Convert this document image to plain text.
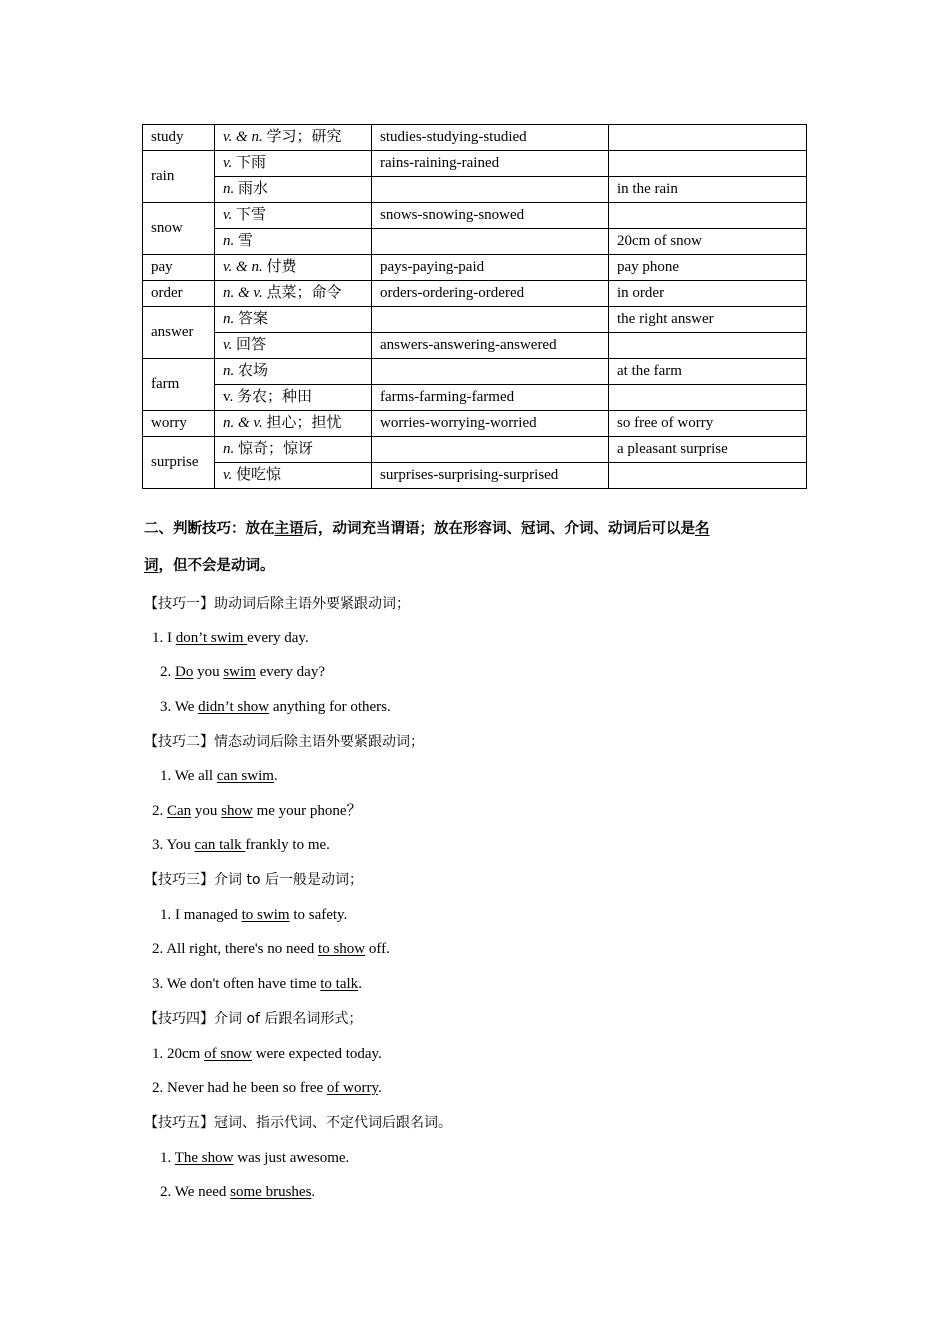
study	v. & n. 学习；研究	studies-studying-studied	
rain	v. 下雨	rains-raining-rained	
	n. 雨水		in the rain
snow	v. 下雪	snows-snowing-snowed	
	n. 雪		20cm of snow
pay	v. & n. 付费	pays-paying-paid	pay phone
order	n. & v. 点菜；命令	orders-ordering-ordered	in order
answer	n. 答案		the right answer
	v. 回答	answers-answering-answered	
farm	n. 农场		at the farm
	v. 务农；种田	farms-farming-farmed	
worry	n. & v. 担心；担忧	worries-worrying-worried	so free of worry
surprise	n. 惊奇；惊讶		a pleasant surprise
	v. 使吃惊	surprises-surprising-surprised	
二、判断技巧：放在主语后，动词充当谓语；放在形容词、冠词、介词、动词后可以是名
词，但不会是动词。
【技巧一】助动词后除主语外要紧跟动词；
1. I don’t swim every day.
2. Do you swim every day?
3. We didn’t show anything for others.
【技巧二】情态动词后除主语外要紧跟动词；
1. We all can swim.
2. Can you show me your phone？
3. You can talk frankly to me.
【技巧三】介词 to 后一般是动词；
1. I managed to swim to safety.
2. All right, there's no need to show off.
3. We don't often have time to talk.
【技巧四】介词 of 后跟名词形式；
1. 20cm of snow were expected today.
2. Never had he been so free of worry.
【技巧五】冠词、指示代词、不定代词后跟名词。
1. The show was just awesome.
2. We need some brushes.
